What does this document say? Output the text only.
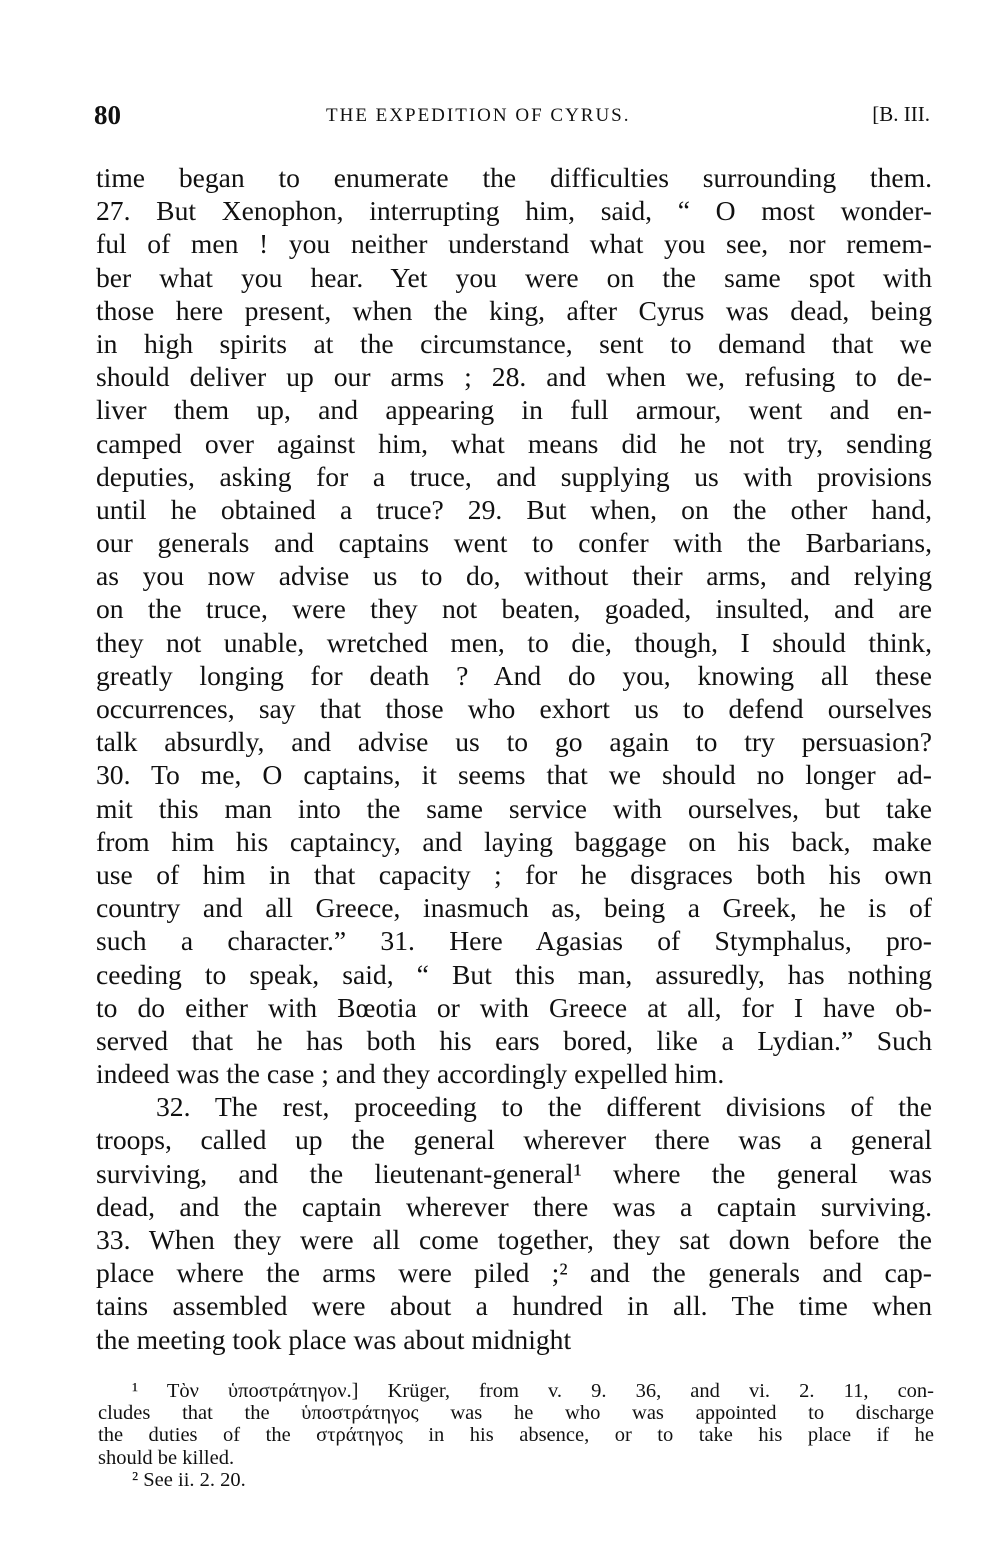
80	THE EXPEDITION OF CYRUS.	[B. III.
time began to enumerate the difficulties surrounding them.
27. But Xenophon, interrupting him, said, “ O most wonder-
ful of men ! you neither understand what you see, nor remem-
ber what you hear. Yet you were on the same spot with
those here present, when the king, after Cyrus was dead, being
in high spirits at the circumstance, sent to demand that we
should deliver up our arms ; 28. and when we, refusing to de-
liver them up, and appearing in full armour, went and en-
camped over against him, what means did he not try, sending
deputies, asking for a truce, and supplying us with provisions
until he obtained a truce? 29. But when, on the other hand,
our generals and captains went to confer with the Barbarians,
as you now advise us to do, without their arms, and relying
on the truce, were they not beaten, goaded, insulted, and are
they not unable, wretched men, to die, though, I should think,
greatly longing for death ? And do you, knowing all these
occurrences, say that those who exhort us to defend ourselves
talk absurdly, and advise us to go again to try persuasion?
30. To me, O captains, it seems that we should no longer ad-
mit this man into the same service with ourselves, but take
from him his captaincy, and laying baggage on his back, make
use of him in that capacity ; for he disgraces both his own
country and all Greece, inasmuch as, being a Greek, he is of
such a character.” 31. Here Agasias of Stymphalus, pro-
ceeding to speak, said, “ But this man, assuredly, has nothing
to do either with Bœotia or with Greece at all, for I have ob-
served that he has both his ears bored, like a Lydian.” Such
indeed was the case ; and they accordingly expelled him.
32. The rest, proceeding to the different divisions of the
troops, called up the general wherever there was a general
surviving, and the lieutenant-general¹ where the general was
dead, and the captain wherever there was a captain surviving.
33. When they were all come together, they sat down before the
place where the arms were piled ;² and the generals and cap-
tains assembled were about a hundred in all. The time when
the meeting took place was about midnight
¹ Τὸν ὑποστράτηγον.] Krüger, from v. 9. 36, and vi. 2. 11, con-
cludes that the ὑποστράτηγος was he who was appointed to discharge
the duties of the στράτηγος in his absence, or to take his place if he
should be killed.
² See ii. 2. 20.
